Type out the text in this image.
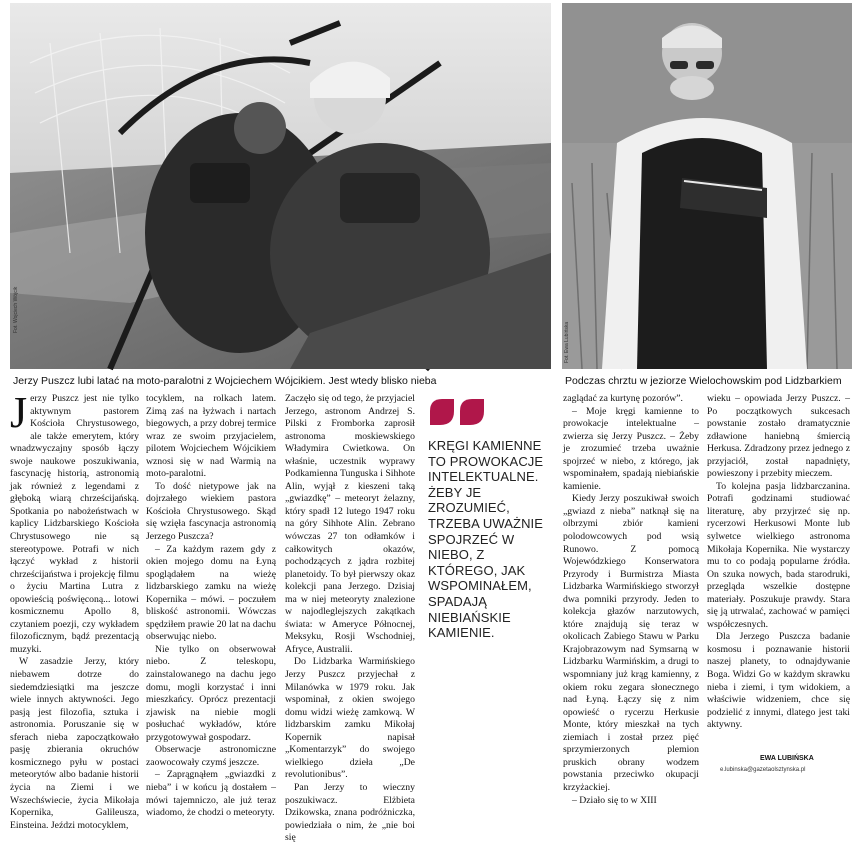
Fot. Wojciech Wójcik
Fot. Ewa Lubińska
Jerzy Puszcz lubi latać na moto-paralotni z Wojciechem Wójcikiem. Jest wtedy blisko nieba	Podczas chrztu w jeziorze Wielochowskim pod Lidzbarkiem

Jerzy Puszcz jest nie tylko aktywnym pastorem Kościoła Chrystusowego, ale także emerytem, który wnadzwyczajny sposób łączy swoje naukowe poszukiwania, fascynację historią, astronomią jak również z legendami z głęboką wiarą chrześcijańską. Spotkania po nabożeństwach w kaplicy Lidzbarskiego Kościoła Chrystusowego nie są stereotypowe. Potrafi w nich łączyć wykład z historii chrześcijaństwa i projekcję filmu o życiu Martina Lutra z opowieścią poświęconą... lotowi kosmicznemu Apollo 8, czytaniem poezji, czy wykładem filozoficznym, bądź prezentacją muzyki.

W zasadzie Jerzy, który niebawem dotrze do siedemdziesiątki ma jeszcze wiele innych aktywności. Jego pasją jest filozofia, sztuka i astronomia. Poruszanie się w sferach nieba zapoczątkowało pasję zbierania okruchów kosmicznego pyłu w postaci meteorytów albo badanie historii życia na Ziemi i we Wszechświecie, życia Mikołaja Kopernika, Galileusza, Einsteina. Jeździ motocyklem,

tocyklem, na rolkach latem. Zimą zaś na łyżwach i nartach biegowych, a przy dobrej termice wraz ze swoim przyjacielem, pilotem Wojciechem Wójcikiem wznosi się w nad Warmią na moto-paralotni.

To dość nietypowe jak na dojrzałego wiekiem pastora Kościoła Chrystusowego. Skąd się wzięła fascynacja astronomią Jerzego Puszcza?

– Za każdym razem gdy z okien mojego domu na Łyną spoglądałem na wieżę lidzbarskiego zamku na wieżę Kopernika – mówi. – poczułem bliskość astronomii. Wówczas spędziłem prawie 20 lat na dachu obserwując niebo.

Nie tylko on obserwował niebo. Z teleskopu, zainstalowanego na dachu jego domu, mogli korzystać i inni mieszkańcy. Oprócz prezentacji zjawisk na niebie mogli posłuchać wykładów, które przygotowywał gospodarz.

Obserwacje astronomiczne zaowocowały czymś jeszcze.

– Zaprągnąłem „gwiazdki z nieba” i w końcu ją dostałem – mówi tajemniczo, ale już teraz wiadomo, że chodzi o meteoryty.

Zaczęło się od tego, że przyjaciel Jerzego, astronom Andrzej S. Pilski z Fromborka zaprosił astronoma moskiewskiego Władymira Cwietkowa. On właśnie, uczestnik wyprawy Podkamienna Tunguska i Sihhote Alin, wyjął z kieszeni taką „gwiazdkę” – meteoryt żelazny, który spadł 12 lutego 1947 roku na góry Sihhote Alin. Zebrano wówczas 27 ton odłamków i całkowitych okazów, pochodzących z jądra rozbitej planetoidy. To był pierwszy okaz kolekcji pana Jerzego. Dzisiaj ma w niej meteoryty znalezione w najodleglejszych zakątkach świata: w Ameryce Północnej, Meksyku, Rosji Wschodniej, Afryce, Australii.

Do Lidzbarka Warmińskiego Jerzy Puszcz przyjechał z Milanówka w 1979 roku. Jak wspominał, z okien swojego domu widzi wieżę zamkową. W lidzbarskim zamku Mikołaj Kopernik napisał „Komentarzyk” do swojego wielkiego dzieła „De revolutionibus”.

Pan Jerzy to wieczny poszukiwacz. Elżbieta Dzikowska, znana podróżniczka, powiedziała o nim, że „nie boi się

KRĘGI KAMIENNE TO PROWOKACJE INTELEKTUALNE. ŻEBY JE ZROZUMIEĆ, TRZEBA UWAŻNIE SPOJRZEĆ W NIEBO, Z KTÓREGO, JAK WSPOMINAŁEM, SPADAJĄ NIEBIAŃSKIE KAMIENIE.

zaglądać za kurtynę pozorów”.

– Moje kręgi kamienne to prowokacje intelektualne – zwierza się Jerzy Puszcz. – Żeby je zrozumieć trzeba uważnie spojrzeć w niebo, z którego, jak wspominałem, spadają niebiańskie kamienie.

Kiedy Jerzy poszukiwał swoich „gwiazd z nieba” natknął się na olbrzymi zbiór kamieni polodowcowych pod wsią Runowo. Z pomocą Wojewódzkiego Konserwatora Przyrody i Burmistrza Miasta Lidzbarka Warmińskiego stworzył dwa pomniki przyrody. Jeden to kolekcja głazów narzutowych, które znajdują się teraz w okolicach Zabiego Stawu w Parku Krajobrazowym nad Symsarną w Lidzbarku Warmińskim, a drugi to wspomniany już krąg kamienny, z okiem roku zegara słonecznego nad Łyną. Łączy się z nim opowieść o rycerzu Herkusie Monte, który mieszkał na tych ziemiach i został przez pięć sprzymierzonych plemion pruskich obrany wodzem powstania przeciwko okupacji krzyżackiej.

– Działo się to w XIII

wieku – opowiada Jerzy Puszcz. – Po początkowych sukcesach powstanie zostało dramatycznie zdławione haniebną śmiercią Herkusa. Zdradzony przez jednego z przyjaciół, został napadnięty, powieszony i przebity mieczem.

To kolejna pasja lidzbarczanina. Potrafi godzinami studiować literaturę, aby przyjrzeć się np. rycerzowi Herkusowi Monte lub sylwetce wielkiego astronoma Mikołaja Kopernika. Nie wystarczy mu to co podają popularne źródła. On szuka nowych, bada starodruki, przegląda wszelkie dostępne materiały. Poszukuje prawdy. Stara się ją utrwalać, zachować w pamięci współczesnych.

Dla Jerzego Puszcza badanie kosmosu i poznawanie historii naszej planety, to odnajdywanie Boga. Widzi Go w każdym skrawku nieba i ziemi, i tym widokiem, a właściwie widzeniem, chce się podzielić z innymi, dlatego jest taki aktywny.

EWA LUBIŃSKA
e.lubinska@gazetaolsztynska.pl
